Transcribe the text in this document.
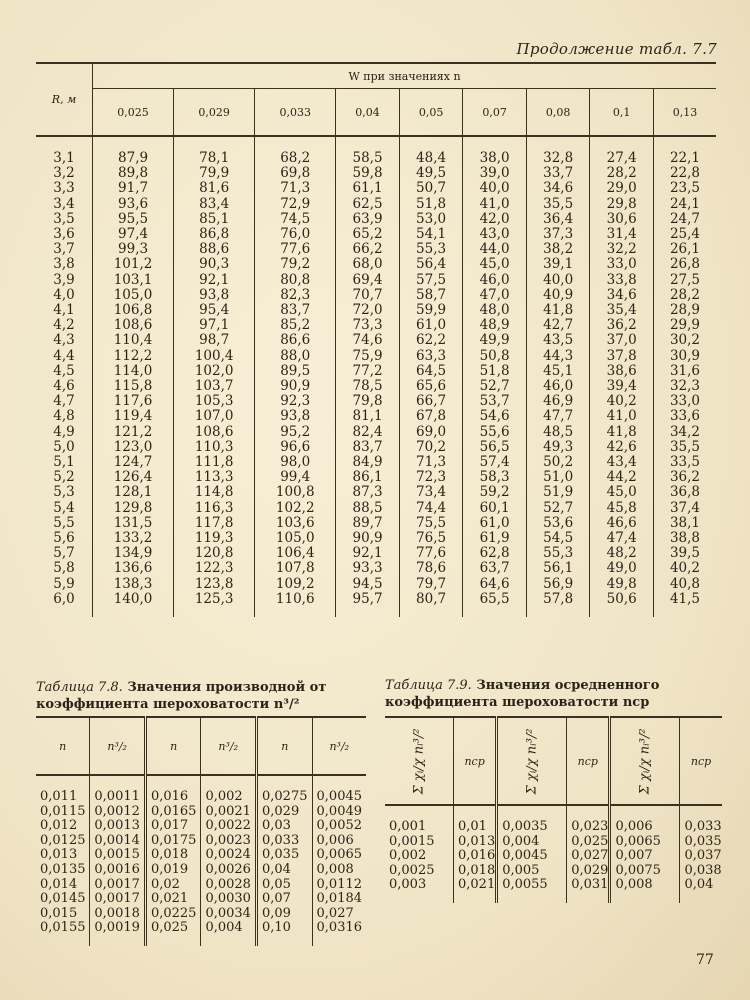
Продолжение табл. 7.7
R, м	W при значениях n								
	0,025	0,029	0,033	0,04	0,05	0,07	0,08	0,1	0,13
3,1	87,9	78,1	68,2	58,5	48,4	38,0	32,8	27,4	22,1
3,2	89,8	79,9	69,8	59,8	49,5	39,0	33,7	28,2	22,8
3,3	91,7	81,6	71,3	61,1	50,7	40,0	34,6	29,0	23,5
3,4	93,6	83,4	72,9	62,5	51,8	41,0	35,5	29,8	24,1
3,5	95,5	85,1	74,5	63,9	53,0	42,0	36,4	30,6	24,7
3,6	97,4	86,8	76,0	65,2	54,1	43,0	37,3	31,4	25,4
3,7	99,3	88,6	77,6	66,2	55,3	44,0	38,2	32,2	26,1
3,8	101,2	90,3	79,2	68,0	56,4	45,0	39,1	33,0	26,8
3,9	103,1	92,1	80,8	69,4	57,5	46,0	40,0	33,8	27,5
4,0	105,0	93,8	82,3	70,7	58,7	47,0	40,9	34,6	28,2
4,1	106,8	95,4	83,7	72,0	59,9	48,0	41,8	35,4	28,9
4,2	108,6	97,1	85,2	73,3	61,0	48,9	42,7	36,2	29,9
4,3	110,4	98,7	86,6	74,6	62,2	49,9	43,5	37,0	30,2
4,4	112,2	100,4	88,0	75,9	63,3	50,8	44,3	37,8	30,9
4,5	114,0	102,0	89,5	77,2	64,5	51,8	45,1	38,6	31,6
4,6	115,8	103,7	90,9	78,5	65,6	52,7	46,0	39,4	32,3
4,7	117,6	105,3	92,3	79,8	66,7	53,7	46,9	40,2	33,0
4,8	119,4	107,0	93,8	81,1	67,8	54,6	47,7	41,0	33,6
4,9	121,2	108,6	95,2	82,4	69,0	55,6	48,5	41,8	34,2
5,0	123,0	110,3	96,6	83,7	70,2	56,5	49,3	42,6	35,5
5,1	124,7	111,8	98,0	84,9	71,3	57,4	50,2	43,4	33,5
5,2	126,4	113,3	99,4	86,1	72,3	58,3	51,0	44,2	36,2
5,3	128,1	114,8	100,8	87,3	73,4	59,2	51,9	45,0	36,8
5,4	129,8	116,3	102,2	88,5	74,4	60,1	52,7	45,8	37,4
5,5	131,5	117,8	103,6	89,7	75,5	61,0	53,6	46,6	38,1
5,6	133,2	119,3	105,0	90,9	76,5	61,9	54,5	47,4	38,8
5,7	134,9	120,8	106,4	92,1	77,6	62,8	55,3	48,2	39,5
5,8	136,6	122,3	107,8	93,3	78,6	63,7	56,1	49,0	40,2
5,9	138,3	123,8	109,2	94,5	79,7	64,6	56,9	49,8	40,8
6,0	140,0	125,3	110,6	95,7	80,7	65,5	57,8	50,6	41,5
Таблица 7.8. Значения производной от коэффициента шероховатости n³/²
n	n³/₂	n	n³/₂	n	n³/₂
0,011	0,0011	0,016	0,002	0,0275	0,0045
0,0115	0,0012	0,0165	0,0021	0,029	0,0049
0,012	0,0013	0,017	0,0022	0,03	0,0052
0,0125	0,0014	0,0175	0,0023	0,033	0,006
0,013	0,0015	0,018	0,0024	0,035	0,0065
0,0135	0,0016	0,019	0,0026	0,04	0,008
0,014	0,0017	0,02	0,0028	0,05	0,0112
0,0145	0,0017	0,021	0,0030	0,07	0,0184
0,015	0,0018	0,0225	0,0034	0,09	0,027
0,0155	0,0019	0,025	0,004	0,10	0,0316
Таблица 7.9. Значения осредненного коэффициента шероховатости nср
Σ χᵢ/χ nᵢ³/²	nср	Σ χᵢ/χ nᵢ³/²	nср	Σ χᵢ/χ nᵢ³/²	nср
0,001	0,01	0,0035	0,023	0,006	0,033
0,0015	0,013	0,004	0,025	0,0065	0,035
0,002	0,016	0,0045	0,027	0,007	0,037
0,0025	0,018	0,005	0,029	0,0075	0,038
0,003	0,021	0,0055	0,031	0,008	0,04
77
